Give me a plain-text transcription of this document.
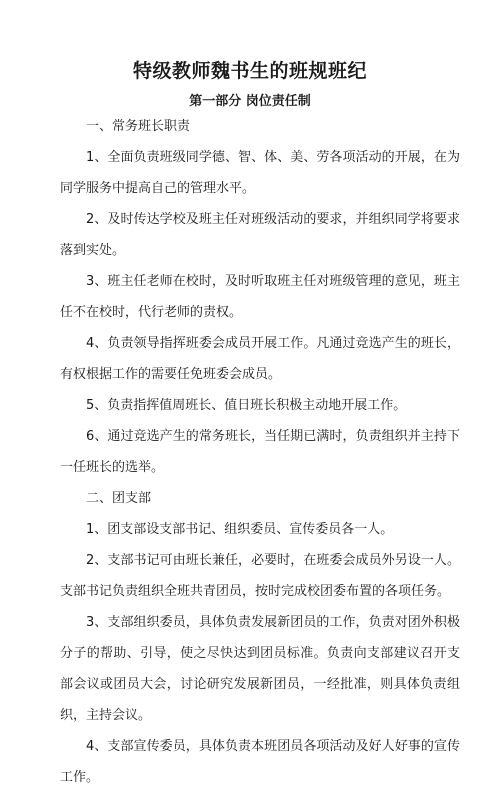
特级教师魏书生的班规班纪
第一部分 岗位责任制

一、常务班长职责

1、全面负责班级同学德、智、体、美、劳各项活动的开展，在为同学服务中提高自己的管理水平。

2、及时传达学校及班主任对班级活动的要求，并组织同学将要求落到实处。

3、班主任老师在校时，及时听取班主任对班级管理的意见，班主任不在校时，代行老师的责权。

4、负责领导指挥班委会成员开展工作。凡通过竞选产生的班长，有权根据工作的需要任免班委会成员。

5、负责指挥值周班长、值日班长积极主动地开展工作。

6、通过竞选产生的常务班长，当任期已满时，负责组织并主持下一任班长的选举。

二、团支部

1、团支部设支部书记、组织委员、宣传委员各一人。

2、支部书记可由班长兼任，必要时，在班委会成员外另设一人。支部书记负责组织全班共青团员，按时完成校团委布置的各项任务。

3、支部组织委员，具体负责发展新团员的工作，负责对团外积极分子的帮助、引导，使之尽快达到团员标准。负责向支部建议召开支部会议或团员大会，讨论研究发展新团员，一经批准，则具体负责组织，主持会议。

4、支部宣传委员，具体负责本班团员各项活动及好人好事的宣传工作。
